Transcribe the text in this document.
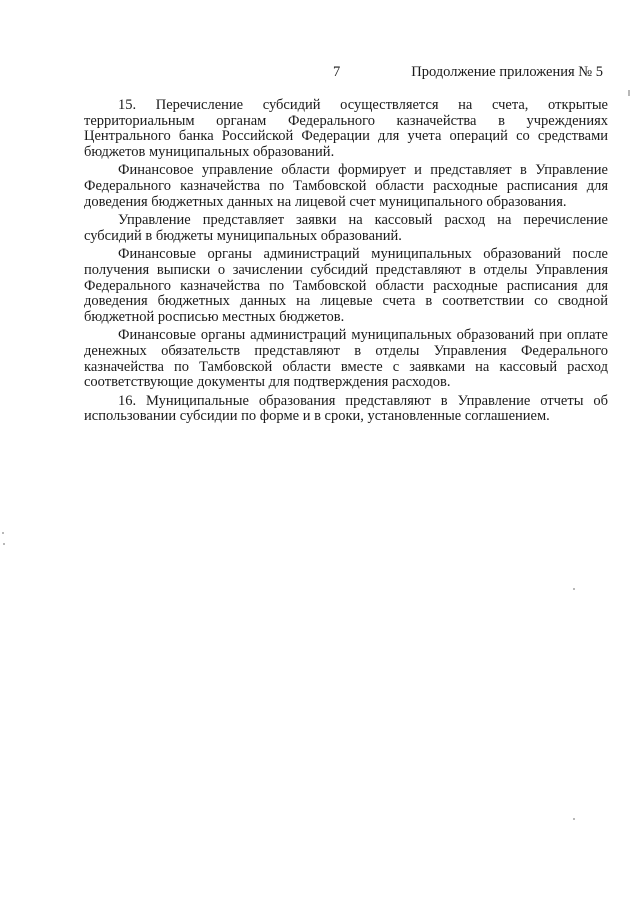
7	Продолжение приложения № 5

15. Перечисление субсидий осуществляется на счета, открытые территориальным органам Федерального казначейства в учреждениях Центрального банка Российской Федерации для учета операций со средствами бюджетов муниципальных образований.

Финансовое управление области формирует и представляет в Управление Федерального казначейства по Тамбовской области расходные расписания для доведения бюджетных данных на лицевой счет муниципального образования.

Управление представляет заявки на кассовый расход на перечисление субсидий в бюджеты муниципальных образований.

Финансовые органы администраций муниципальных образований после получения выписки о зачислении субсидий представляют в отделы Управления Федерального казначейства по Тамбовской области расходные расписания для доведения бюджетных данных на лицевые счета в соответствии со сводной бюджетной росписью местных бюджетов.

Финансовые органы администраций муниципальных образований при оплате денежных обязательств представляют в отделы Управления Федерального казначейства по Тамбовской области вместе с заявками на кассовый расход соответствующие документы для подтверждения расходов.

16. Муниципальные образования представляют в Управление отчеты об использовании субсидии по форме и в сроки, установленные соглашением.
